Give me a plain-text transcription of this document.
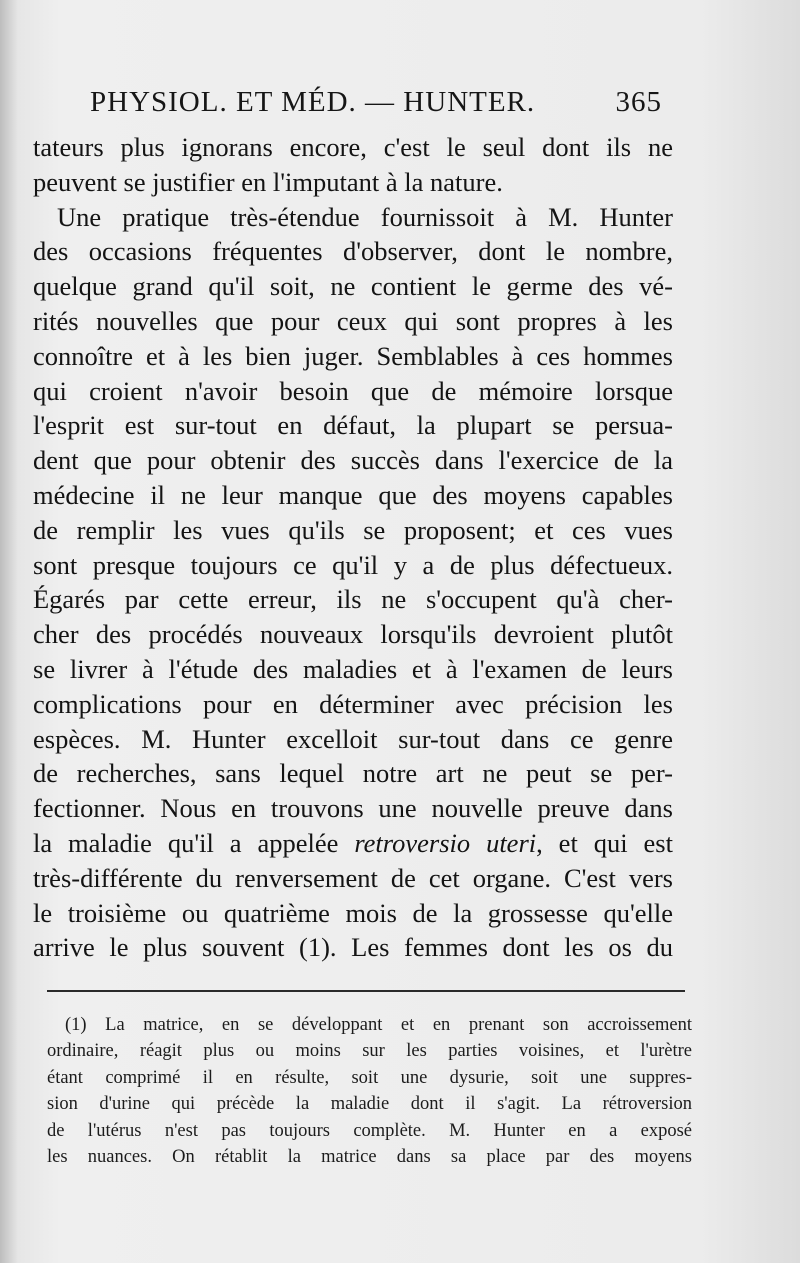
PHYSIOL. ET MÉD. — HUNTER.	365
tateurs plus ignorans encore, c'est le seul dont ils ne
peuvent se justifier en l'imputant à la nature.
Une pratique très-étendue fournissoit à M. Hunter
des occasions fréquentes d'observer, dont le nombre,
quelque grand qu'il soit, ne contient le germe des vé-
rités nouvelles que pour ceux qui sont propres à les
connoître et à les bien juger. Semblables à ces hommes
qui croient n'avoir besoin que de mémoire lorsque
l'esprit est sur-tout en défaut, la plupart se persua-
dent que pour obtenir des succès dans l'exercice de la
médecine il ne leur manque que des moyens capables
de remplir les vues qu'ils se proposent; et ces vues
sont presque toujours ce qu'il y a de plus défectueux.
Égarés par cette erreur, ils ne s'occupent qu'à cher-
cher des procédés nouveaux lorsqu'ils devroient plutôt
se livrer à l'étude des maladies et à l'examen de leurs
complications pour en déterminer avec précision les
espèces. M. Hunter excelloit sur-tout dans ce genre
de recherches, sans lequel notre art ne peut se per-
fectionner. Nous en trouvons une nouvelle preuve dans
la maladie qu'il a appelée retroversio uteri, et qui est
très-différente du renversement de cet organe. C'est vers
le troisième ou quatrième mois de la grossesse qu'elle
arrive le plus souvent (1). Les femmes dont les os du
(1) La matrice, en se développant et en prenant son accroissement
ordinaire, réagit plus ou moins sur les parties voisines, et l'urètre
étant comprimé il en résulte, soit une dysurie, soit une suppres-
sion d'urine qui précède la maladie dont il s'agit. La rétroversion
de l'utérus n'est pas toujours complète. M. Hunter en a exposé
les nuances. On rétablit la matrice dans sa place par des moyens
